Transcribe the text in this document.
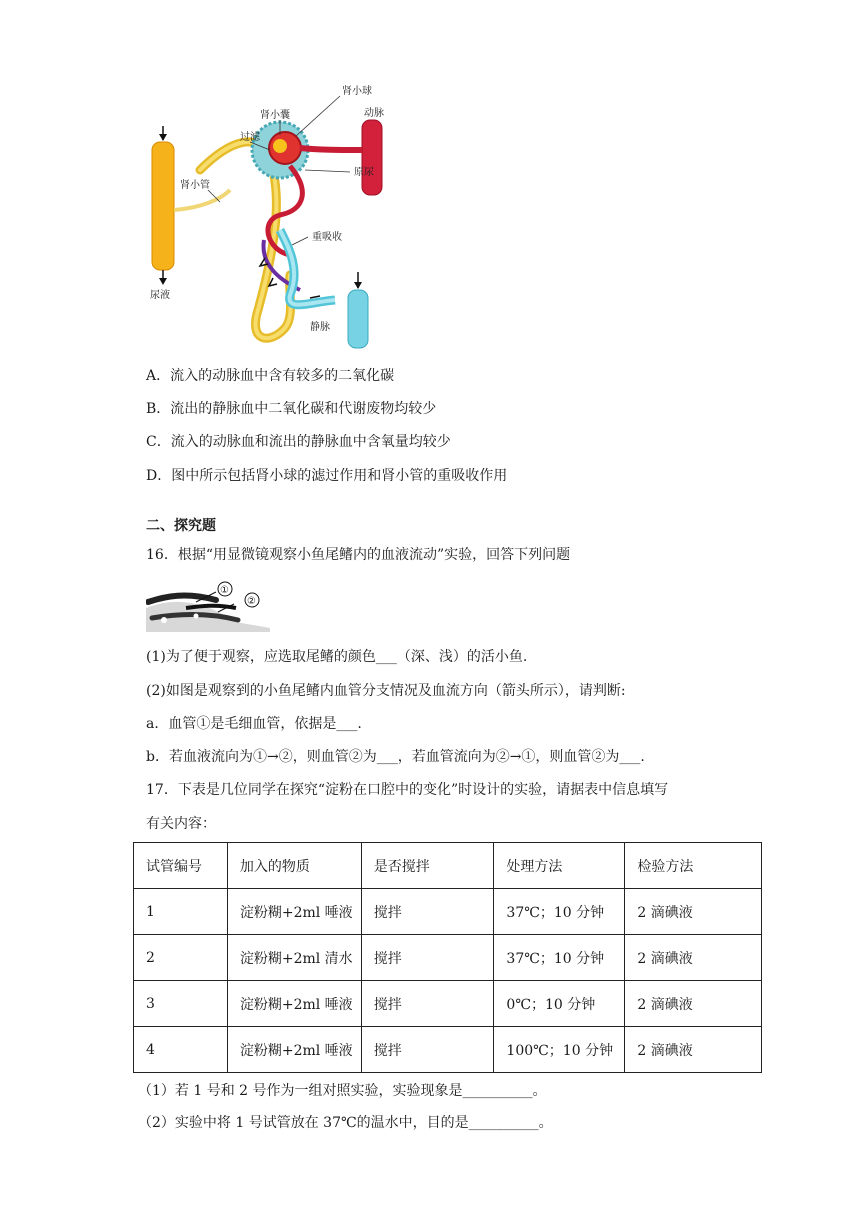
肾小球
肾小囊	动脉
过滤
原尿
肾小管
重吸收
尿液
静脉
A．流入的动脉血中含有较多的二氧化碳
B．流出的静脉血中二氧化碳和代谢废物均较少
C．流入的动脉血和流出的静脉血中含氧量均较少
D．图中所示包括肾小球的滤过作用和肾小管的重吸收作用
二、探究题
16．根据“用显微镜观察小鱼尾鳍内的血液流动”实验，回答下列问题
①
②
(1)为了便于观察，应选取尾鳍的颜色___（深、浅）的活小鱼.
(2)如图是观察到的小鱼尾鳍内血管分支情况及血流方向（箭头所示），请判断:
a．血管①是毛细血管，依据是___.
b．若血液流向为①→②，则血管②为___，若血管流向为②→①，则血管②为___.
17．下表是几位同学在探究“淀粉在口腔中的变化”时设计的实验，请据表中信息填写
有关内容：
试管编号	加入的物质	是否搅拌	处理方法	检验方法
1	淀粉糊+2ml 唾液	搅拌	37℃；10 分钟	2 滴碘液
2	淀粉糊+2ml 清水	搅拌	37℃；10 分钟	2 滴碘液
3	淀粉糊+2ml 唾液	搅拌	0℃；10 分钟	2 滴碘液
4	淀粉糊+2ml 唾液	搅拌	100℃；10 分钟	2 滴碘液
（1）若 1 号和 2 号作为一组对照实验，实验现象是__________。
（2）实验中将 1 号试管放在 37℃的温水中，目的是__________。
